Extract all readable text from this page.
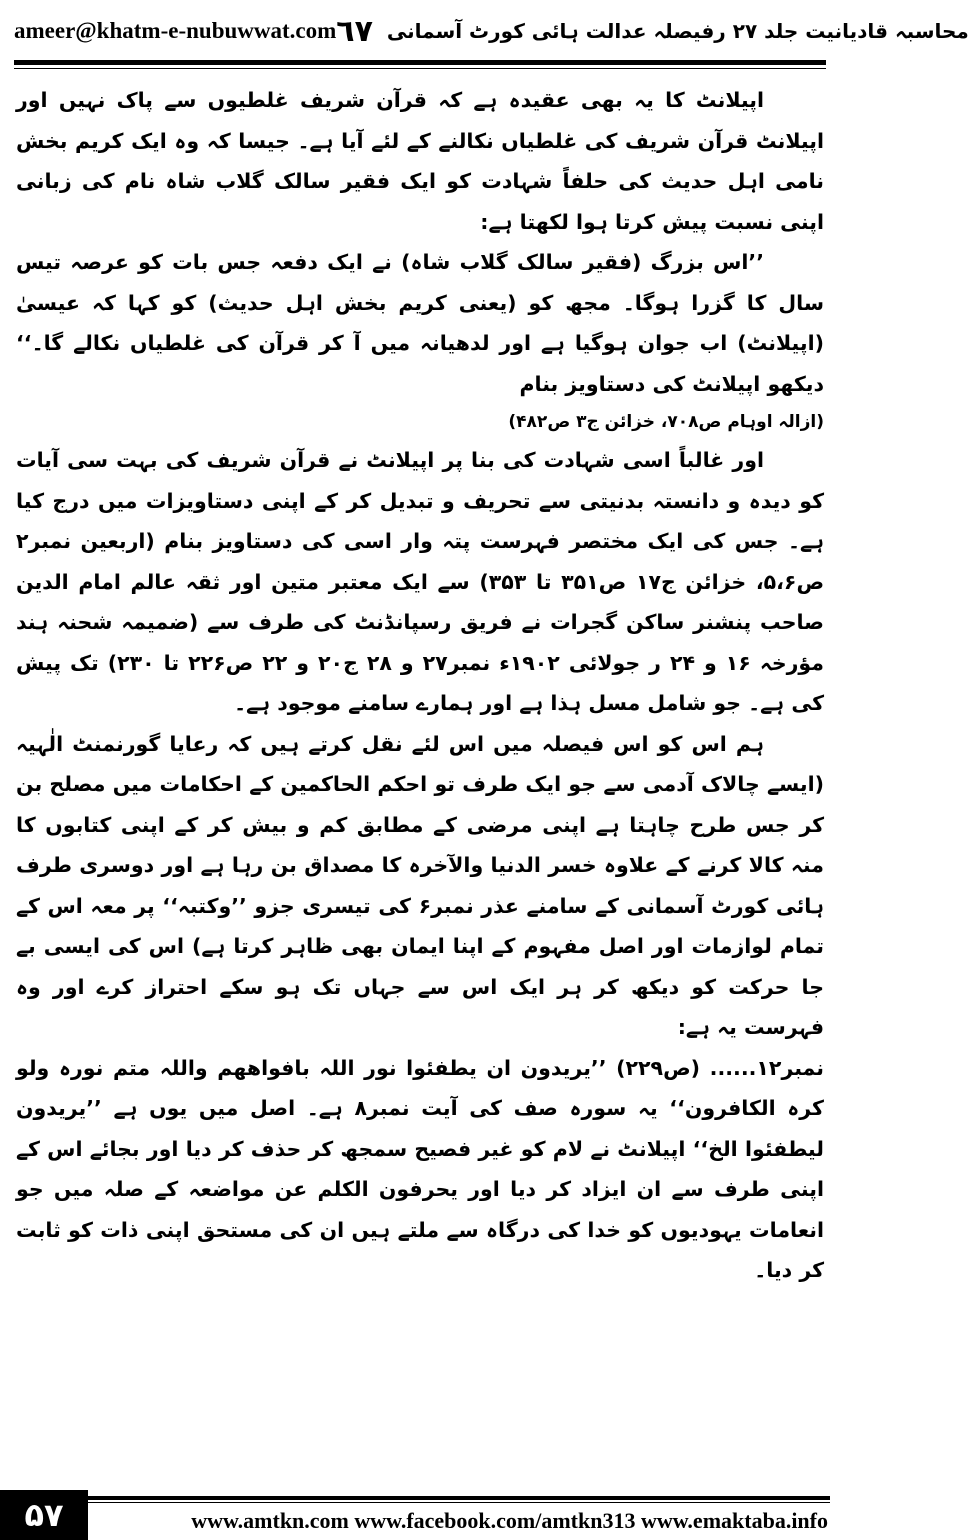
ameer@khatm-e-nubuwwat.com ٦٧ محاسبہ قادیانیت جلد ۲۷ رفیصلہ عدالت ہائی کورٹ آسمانی

اپیلانٹ کا یہ بھی عقیدہ ہے کہ قرآن شریف غلطیوں سے پاک نہیں اور اپیلانٹ قرآن شریف کی غلطیاں نکالنے کے لئے آیا ہے۔ جیسا کہ وہ ایک کریم بخش نامی اہل حدیث کی حلفاً شہادت کو ایک فقیر سالک گلاب شاہ نام کی زبانی اپنی نسبت پیش کرتا ہوا لکھتا ہے:

’’اس بزرگ (فقیر سالک گلاب شاہ) نے ایک دفعہ جس بات کو عرصہ تیس سال کا گزرا ہوگا۔ مجھ کو (یعنی کریم بخش اہل حدیث) کو کہا کہ عیسیٰ (اپیلانٹ) اب جوان ہوگیا ہے اور لدھیانہ میں آ کر قرآن کی غلطیاں نکالے گا۔‘‘ دیکھو اپیلانٹ کی دستاویز بنام

(ازالہ اوہام ص۷۰۸، خزائن ج۳ ص۴۸۲)

اور غالباً اسی شہادت کی بنا پر اپیلانٹ نے قرآن شریف کی بہت سی آیات کو دیدہ و دانستہ بدنیتی سے تحریف و تبدیل کر کے اپنی دستاویزات میں درج کیا ہے۔ جس کی ایک مختصر فہرست پتہ وار اسی کی دستاویز بنام (اربعین نمبر۲ ص۵،۶، خزائن ج۱۷ ص۳۵۱ تا ۳۵۳) سے ایک معتبر متین اور ثقہ عالم امام الدین صاحب پنشنر ساکن گجرات نے فریق رسپانڈنٹ کی طرف سے (ضمیمہ شحنہ ہند مؤرخہ ۱۶ و ۲۴ ر جولائی ۱۹۰۲ء نمبر۲۷ و ۲۸ ج۲۰ و ۲۲ ص۲۲۶ تا ۲۳۰) تک پیش کی ہے۔ جو شامل مسل ہذا ہے اور ہمارے سامنے موجود ہے۔

ہم اس کو اس فیصلہ میں اس لئے نقل کرتے ہیں کہ رعایا گورنمنٹ الٰہیہ (ایسے چالاک آدمی سے جو ایک طرف تو احکم الحاکمین کے احکامات میں مصلح بن کر جس طرح چاہتا ہے اپنی مرضی کے مطابق کم و بیش کر کے اپنی کتابوں کا منہ کالا کرنے کے علاوہ خسر الدنیا والآخرہ کا مصداق بن رہا ہے اور دوسری طرف ہائی کورٹ آسمانی کے سامنے عذر نمبر۶ کی تیسری جزو ’’وکتبہ‘‘ پر معہ اس کے تمام لوازمات اور اصل مفہوم کے اپنا ایمان بھی ظاہر کرتا ہے) اس کی ایسی بے جا حرکت کو دیکھ کر ہر ایک اس سے جہاں تک ہو سکے احتراز کرے اور وہ فہرست یہ ہے:

نمبر۱۲...... (ص۲۲۹) ’’یریدون ان یطفئوا نور اللہ بافواھھم واللہ متم نورہ ولو کرہ الکافرون‘‘ یہ سورہ صف کی آیت نمبر۸ ہے۔ اصل میں یوں ہے ’’یریدون لیطفئوا الخ‘‘ اپیلانٹ نے لام کو غیر فصیح سمجھ کر حذف کر دیا اور بجائے اس کے اپنی طرف سے ان ایزاد کر دیا اور یحرفون الکلم عن مواضعہ کے صلہ میں جو انعامات یہودیوں کو خدا کی درگاہ سے ملتے ہیں ان کی مستحق اپنی ذات کو ثابت کر دیا۔

۵۷	www.amtkn.com www.facebook.com/amtkn313 www.emaktaba.info
